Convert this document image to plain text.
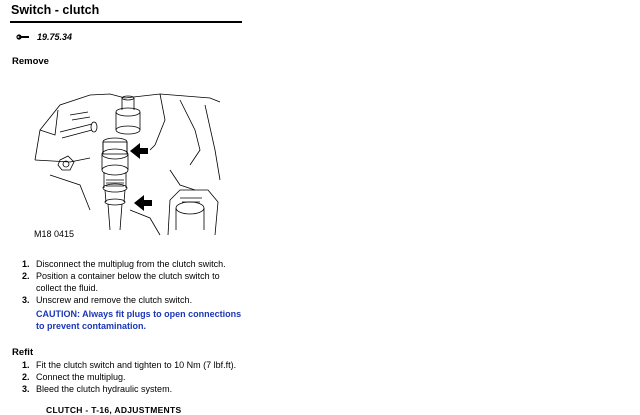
Switch - clutch
19.75.34
Remove
M18 0415
1. Disconnect the multiplug from the clutch switch.
2. Position a container below the clutch switch to collect the fluid.
3. Unscrew and remove the clutch switch.
CAUTION: Always fit plugs to open connections to prevent contamination.
Refit
1. Fit the clutch switch and tighten to 10 Nm (7 lbf.ft).
2. Connect the multiplug.
3. Bleed the clutch hydraulic system.
CLUTCH - T-16, ADJUSTMENTS
